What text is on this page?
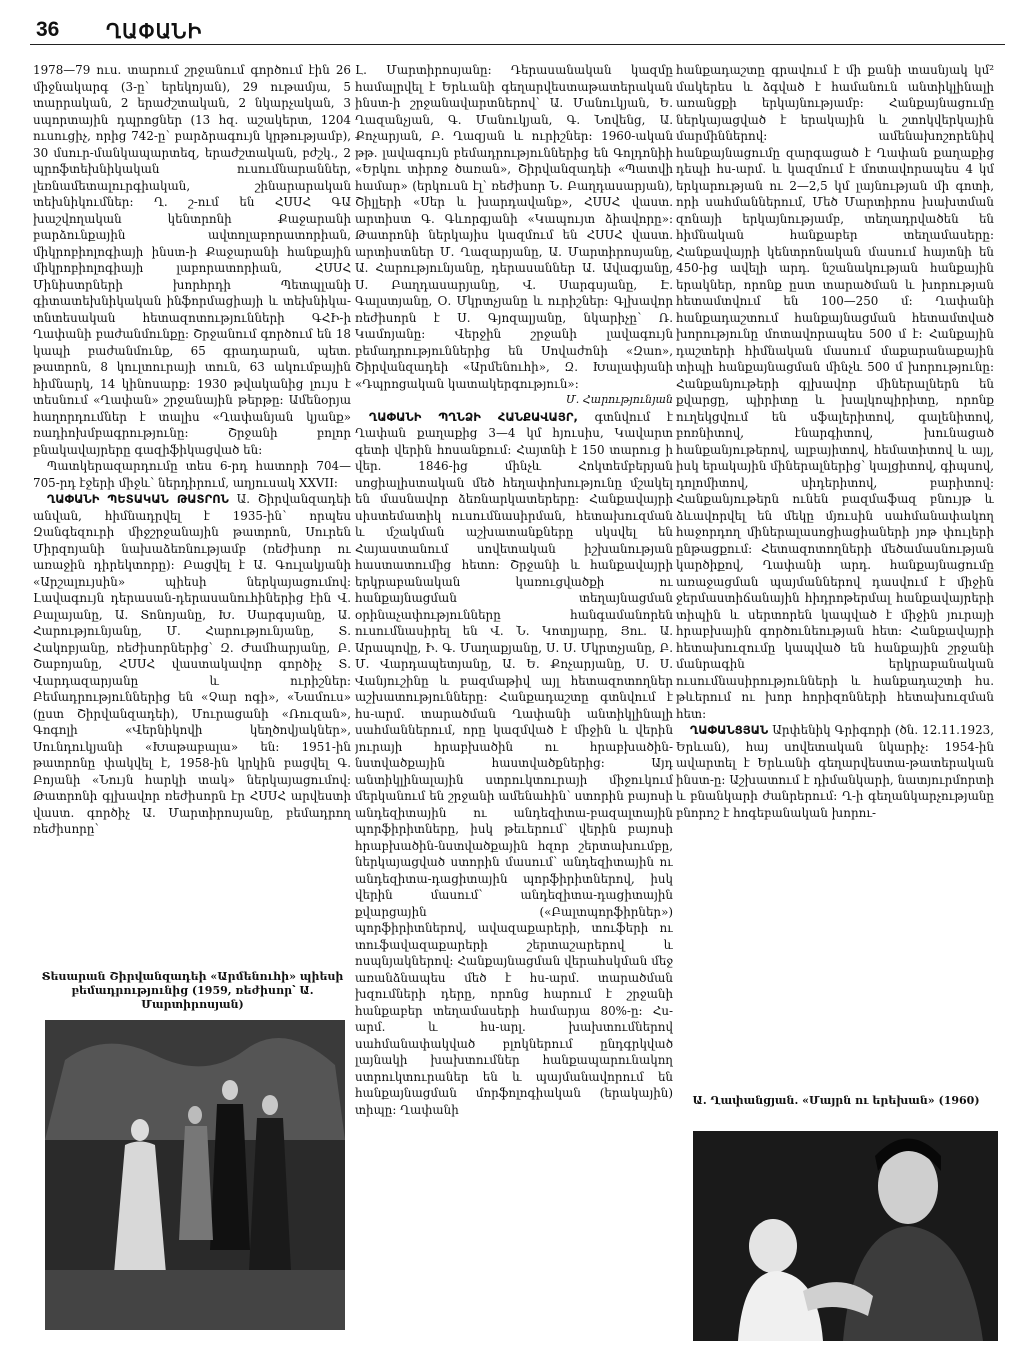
36 ՂԱՓԱՆԻ

1978—79 ուս. տարում շրջանում գործում էին 26 միջնակարգ (3-ը՝ երեկոյան), 29 ութամյա, 5 տարրական, 2 երաժշտական, 2 նկարչական, 3 սպորտային դպրոցներ (13 հզ. աշակերտ, 1204 ուսուցիչ, որից 742-ը՝ բարձրագույն կրթությամբ), 30 մսուր-մանկապարտեզ, երաժշտական, բժշկ., 2 պրոֆտեխնիկական ուսումնարաններ, լեռնամետալուրգիական, շինարարական տեխնիկումներ: Ղ. շ-ում են ՀՍՍՀ ԳԱ խաշվողական կենտրոնի Քաջարանի բարձունքային ավտոլաբորատորիան, միկրոբիոլոգիայի ինստ-ի Քաջարանի հանքային միկրոբիոլոգիայի լաբորատորիան, ՀՍՍՀ Մինիստրների խորհրդի Պետպլանի գիտատեխնիկական ինֆորմացիայի և տեխնիկա-տնտեսական հետազոտությունների ԳՀԻ-ի Ղափանի բաժանմունքը: Շրջանում գործում են 18 կապի բաժանմունք, 65 գրադարան, պետ. թատրոն, 8 կուլտուրայի տուն, 63 ակումբային հիմնարկ, 14 կինոսարք: 1930 թվականից լույս է տեսնում «Ղափան» շրջանային թերթը: Ամենօրյա հաղորդումներ է տալիս «Ղափանյան կյանք» ռադիոխմբագրությունը: Շրջանի բոլոր բնակավայրերը գազիֆիկացված են:

Պատկերազարդումը տես 6-րդ հատորի 704—705-րդ էջերի միջև՝ ներդիրում, աղյուսակ XXVII:

ՂԱՓԱՆԻ ՊԵՏԱԿԱՆ ԹԱՏՐՈՆ Ա. Շիրվանզադեի անվան, հիմնադրվել է 1935-ին՝ որպես Զանգեզուրի միջշրջանային թատրոն, Սուրեն Միրզոյանի նախաձեռնությամբ (ռեժիսոր ու առաջին դիրեկտորը): Բացվել է Ա. Գուլակյանի «Արշալույսին» պիեսի ներկայացումով: Լավագույն դերասան-դերասանուհիներից էին Վ. Բալայանը, Ա. Տոնոյանը, Խ. Սարգսյանը, Ա. Հարությունյանը, Մ. Հարությունյանը, Տ. Հակոբյանը, ռեժիսորներից՝ Զ. Ժամհարյանը, Բ. Շաբոյանը, ՀՍՍՀ վաստակավոր գործիչ Տ. Վարդազարյանը և ուրիշներ: Բեմադրություններից են «Չար ոգի», «Նամուս» (ըստ Շիրվանզադեի), Մուրացանի «Ռուզան», Գոգոլի «Վերնիկովի կեղծովյակներ», Սունդուկյանի «Խաթաբալա» են: 1951-ին թատրոնը փակվել է, 1958-ին կրկին բացվել Գ. Բոյանի «Նույն հարկի տակ» ներկայացումով: Թատրոնի գլխավոր ռեժիսորն էր ՀՍՍՀ արվեստի վաստ. գործիչ Ա. Մարտիրոսյանը, բեմադրող ռեժիսորը՝

Տեսարան Շիրվանզադեի «Արմենուհի» պիեսի բեմադրությունից (1959, ռեժիսոր՝ Ա. Մարտիրոսյան)

Լ. Մարտիրոսյանը: Դերասանական կազմը համալրվել է Երևանի գեղարվեստաթատերական ինստ-ի շրջանավարտներով՝ Ա. Մանուկյան, Ե. Ղազանչյան, Գ. Մանուկյան, Գ. Նովենց, Ա. Քոչարյան, Բ. Ղազյան և ուրիշներ: 1960-ական թթ. լավագույն բեմադրություններից են Գոլդոնիի «Երկու տիրոջ ծառան», Շիրվանզադեի «Պատվի համար» (երկուսն էլ՝ ռեժիսոր Ն. Բաղդասարյան), Շիլլերի «Սեր և խարդավանք», ՀՍՍՀ վաստ. արտիստ Գ. Գևորգյանի «Կապույտ ձիավորը»: Թատրոնի ներկայիս կազմում են ՀՍՍՀ վաստ. արտիստներ Մ. Ղազարյանը, Ա. Մարտիրոսյանը, Ա. Հարությունյանը, դերասաններ Ա. Ավագյանը, Ս. Բաղդասարյանը, Վ. Սարգսյանը, Է. Գալստյանը, Օ. Մկրտչյանը և ուրիշներ: Գլխավոր ռեժիսորն է Ս. Գյոզալյանը, նկարիչը՝ Ռ. Կամոյանը: Վերջին շրջանի լավագույն բեմադրություններից են Սովաժոնի «Զաո», Շիրվանզադեի «Արմենուհի», Զ. Խալափյանի «Դպրոցական կատակերգություն»:

Մ. Հարությունյան

ՂԱՓԱՆԻ ՊՂՆՁԻ ՀԱՆՔԱՎԱՅՐ, գտնվում է Ղափան քաղաքից 3—4 կմ հյուսիս, Կավարտ գետի վերին հոսանքում: Հայտնի է 150 տարուց ի վեր. 1846-ից մինչև Հոկտեմբերյան սոցիալիստական մեծ հեղափոխությունը մշակել են մասնավոր ձեռնարկատերերը: Հանքավայրի սիստեմատիկ ուսումնասիրման, հետախուզման և մշակման աշխատանքները սկսվել են Հայաստանում սովետական իշխանության հաստատումից հետո: Շրջանի և հանքավայրի երկրաբանական կառուցվածքի ու հանքայնացման տեղայնացման օրինաչափությունները հանգամանորեն ուսումնասիրել են Վ. Ն. Կոտլյարը, Յու. Ա. Արապովը, Ի. Գ. Մաղաքյանը, Ս. Ս. Մկրտչյանը, Բ. Մ. Վարդապետյանը, Ա. Ե. Քոչարյանը, Ս. Ս. Վանյուշինը և բազմաթիվ այլ հետազոտողներ աշխատությունները: Հանքադաշտը գտնվում է հս-արմ. տարածման Ղափանի անտիկլինալի սահմաններում, որը կազմված է միջին և վերին յուրայի հրաբխածին ու հրաբխածին-նստվածքային հաստվածքներից: Այդ անտիկլինալային ստրուկտուրայի միջուկում մերկանում են շրջանի ամենահին՝ ստորին բայոսի անդեզիտային ու անդեզիտա-բազալտային պորֆիրիտները, իսկ թեւերում՝ վերին բայոսի հրաբխածին-նստվածքային հզոր շերտախումբը, ներկայացված ստորին մասում՝ անդեզիտային ու անդեզիտա-դացիտային պորֆիրիտներով, իսկ վերին մասում՝ անդեզիտա-դացիտային քվարցային («Բալտպորֆիրներ») պորֆիրիտներով, ավազաքարերի, տուֆերի ու տուֆավազաքարերի շերտաշարերով և ոսպնյակներով: Հանքայնացման վերահսկման մեջ առանձնապես մեծ է հս-արմ. տարածման խզումների դերը, որոնց հարում է շրջանի հանքաբեր տեղամասերի համարյա 80%-ը: Հս-արմ. և հս-արլ. խախտումներով սահմանափակված բլոկներում ընդգրկված լայնակի խախտումներ հանքապարունակող ստրուկտուրաներ են և պայմանավորում են հանքայնացման մորֆոլոգիական (երակային) տիպը: Ղափանի

հանքադաշտը գրավում է մի քանի տասնյակ կմ² մակերես և ձգված է համանուն անտիկլինալի առանցքի երկայնությամբ: Հանքայնացումը ներկայացված է երակային և շտոկվերկային մարմիններով: ամենախոշորենիվ հանքայնացումը զարգացած է Ղափան քաղաքից դեպի հս-արմ. և կազմում է մոտավորապես 4 կմ երկարության ու 2—2,5 կմ լայնության մի գոտի, որի սահմաններում, Մեծ Մարտիրոս խախտման զոնայի երկայնությամբ, տեղադրվածեն են հիմնական հանքաբեր տեղամասերը: Հանքավայրի կենտրոնական մասում հայտնի են 450-ից ավելի արդ. նշանակության հանքային երակներ, որոնք ըստ տարածման և խորության հետամտվում են 100—250 մ: Ղափանի հանքադաշտում հանքայնացման հետամտված խորությունը մոտավորապես 500 մ է: Հանքային դաշտերի հիմնական մասում մաքարանաքային տիպի հանքայնացման մինչև 500 մ խորությունը: Հանքանյութերի գլխավոր միներալներն են քվարցը, պիրիտը և խալկոպիրիտը, որոնք ուղեկցվում են սֆալերիտով, գալենիտով, բոռնիտով, էնարգիտով, խունացած հանքանյութերով, ալբայիտով, հեմատիտով և այլ, իսկ երակային միներալներից՝ կալցիտով, գիպսով, դոլոմիտով, սիդերիտով, բարիտով: Հանքանյութերն ունեն բազմաֆազ բնույթ և ձևավորվել են մեկը մյուսին սահմանափակող հաջորդող միներալասոցիացիաների յոթ փուլերի ընթացքում: Հետազոտողների մեծամասնության կարծիքով, Ղափանի արդ. հանքայնացումը առաջացման պայմաններով դասվում է միջին ջերմաստիճանային հիդրոթերմալ հանքավայրերի տիպին և սերտորեն կապված է միջին յուրայի հրաբխային գործունեության հետ: Հանքավայրի հետախուզումը կապված են հանքային շրջանի մանրագին երկրաբանական ուսումնասիրությունների և հանքադաշտի հս. թևերում ու խոր հորիզոնների հետախուզման հետ:

ՂԱՓԱՆՑՅԱՆ Արփենիկ Գրիգորի (ծն. 12.11.1923, Երևան), հայ սովետական նկարիչ: 1954-ին ավարտել է Երևանի գեղարվեստա-թատերական ինստ-ը: Աշխատում է դիմանկարի, նատյուրմորտի և բնանկարի ժանրերում: Ղ-ի գեղանկարչությանը բնորոշ է հոգեբանական խորու-

Ա. Ղափանցյան. «Մայրն ու երեխան» (1960)
